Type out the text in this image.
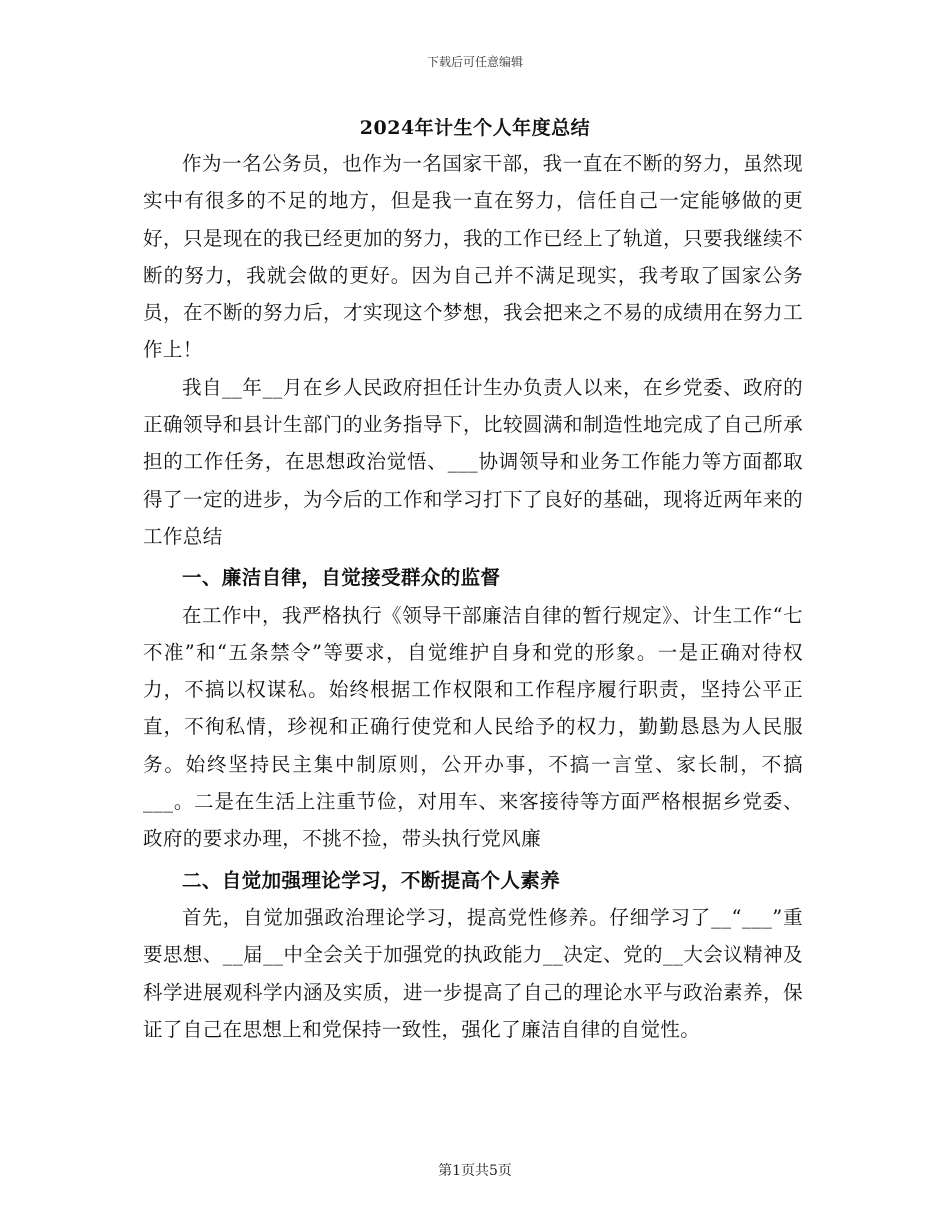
下载后可任意编辑
2024年计生个人年度总结

作为一名公务员，也作为一名国家干部，我一直在不断的努力，虽然现实中有很多的不足的地方，但是我一直在努力，信任自己一定能够做的更好，只是现在的我已经更加的努力，我的工作已经上了轨道，只要我继续不断的努力，我就会做的更好。因为自己并不满足现实，我考取了国家公务员，在不断的努力后，才实现这个梦想，我会把来之不易的成绩用在努力工作上！

我自__年__月在乡人民政府担任计生办负责人以来，在乡党委、政府的正确领导和县计生部门的业务指导下，比较圆满和制造性地完成了自己所承担的工作任务，在思想政治觉悟、___协调领导和业务工作能力等方面都取得了一定的进步，为今后的工作和学习打下了良好的基础，现将近两年来的工作总结

一、廉洁自律，自觉接受群众的监督

在工作中，我严格执行《领导干部廉洁自律的暂行规定》、计生工作“七不准”和“五条禁令”等要求，自觉维护自身和党的形象。一是正确对待权力，不搞以权谋私。始终根据工作权限和工作程序履行职责，坚持公平正直，不徇私情，珍视和正确行使党和人民给予的权力，勤勤恳恳为人民服务。始终坚持民主集中制原则，公开办事，不搞一言堂、家长制，不搞___。二是在生活上注重节俭，对用车、来客接待等方面严格根据乡党委、政府的要求办理，不挑不捡，带头执行党风廉

二、自觉加强理论学习，不断提高个人素养

首先，自觉加强政治理论学习，提高党性修养。仔细学习了__“___”重要思想、__届__中全会关于加强党的执政能力__决定、党的__大会议精神及科学进展观科学内涵及实质，进一步提高了自己的理论水平与政治素养，保证了自己在思想上和党保持一致性，强化了廉洁自律的自觉性。

第1页共5页
